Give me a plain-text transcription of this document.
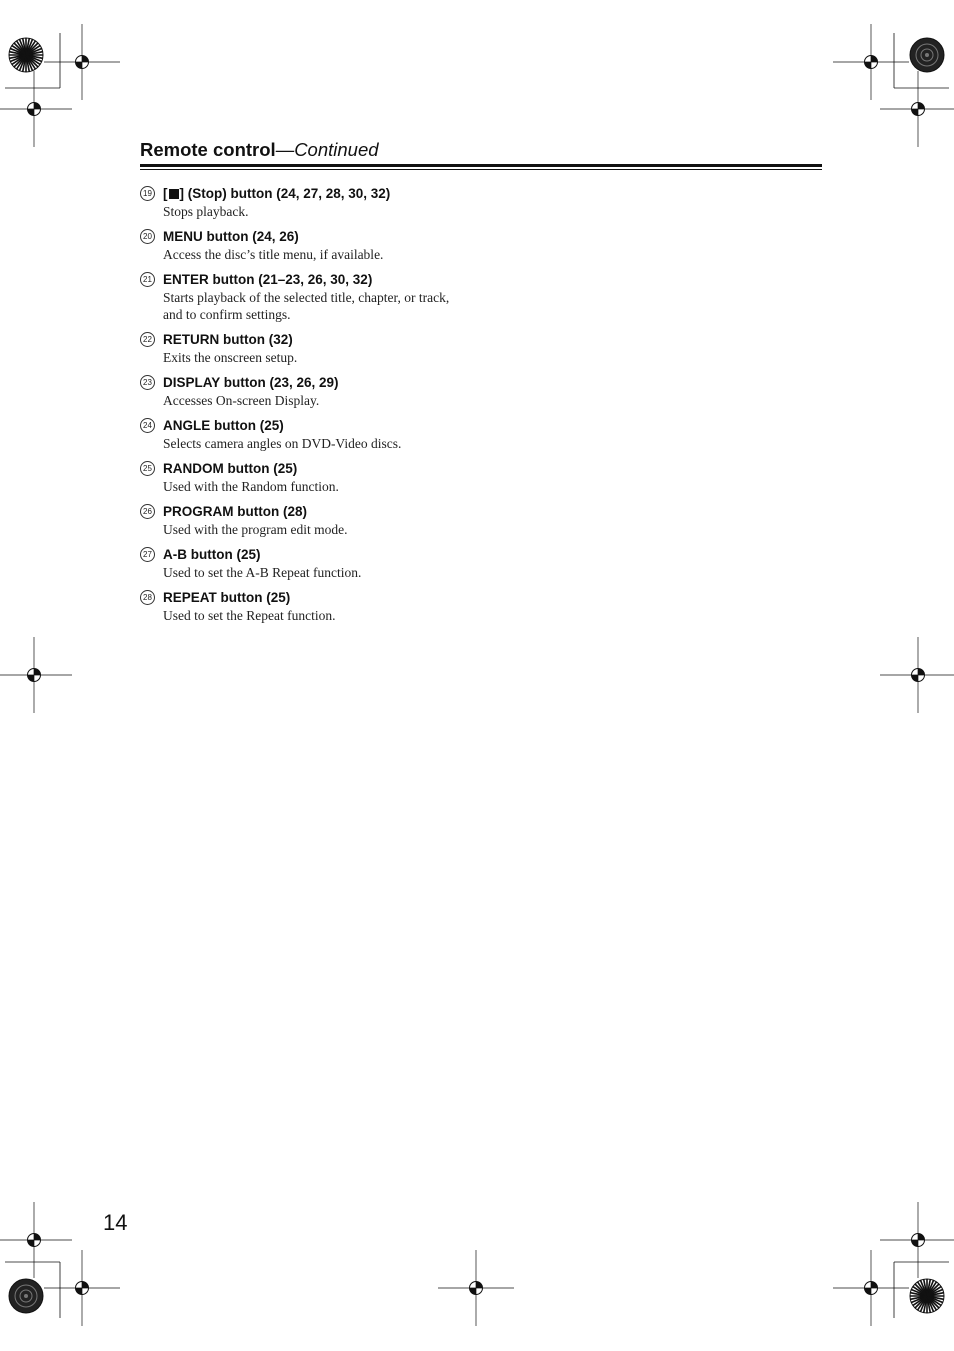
Remote control—Continued
19 [ ] (Stop) button (24, 27, 28, 30, 32)
Stops playback.
20 MENU button (24, 26)
Access the disc’s title menu, if available.
21 ENTER button (21–23, 26, 30, 32)
Starts playback of the selected title, chapter, or track, and to confirm settings.
22 RETURN button (32)
Exits the onscreen setup.
23 DISPLAY button (23, 26, 29)
Accesses On-screen Display.
24 ANGLE button (25)
Selects camera angles on DVD-Video discs.
25 RANDOM button (25)
Used with the Random function.
26 PROGRAM button (28)
Used with the program edit mode.
27 A-B button (25)
Used to set the A-B Repeat function.
28 REPEAT button (25)
Used to set the Repeat function.
14
